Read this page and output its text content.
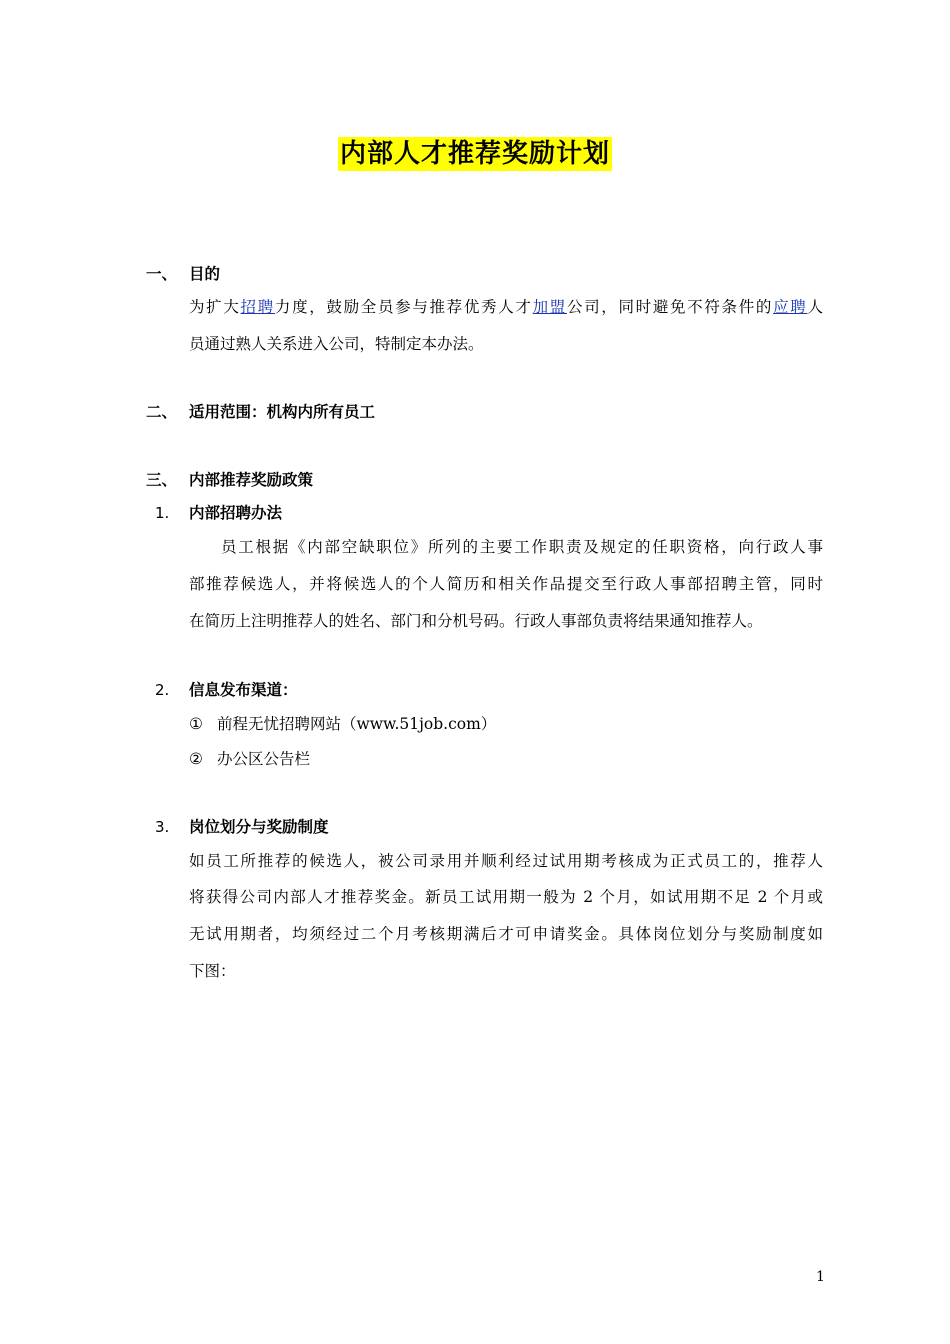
内部人才推荐奖励计划
一、 目的
为扩大招聘力度，鼓励全员参与推荐优秀人才加盟公司，同时避免不符条件的应聘人
员通过熟人关系进入公司，特制定本办法。
二、 适用范围：机构内所有员工
三、 内部推荐奖励政策
1. 内部招聘办法
员工根据《内部空缺职位》所列的主要工作职责及规定的任职资格，向行政人事
部推荐候选人，并将候选人的个人简历和相关作品提交至行政人事部招聘主管，同时
在简历上注明推荐人的姓名、部门和分机号码。行政人事部负责将结果通知推荐人。
2. 信息发布渠道：
① 前程无忧招聘网站（www.51job.com）
② 办公区公告栏
3. 岗位划分与奖励制度
如员工所推荐的候选人，被公司录用并顺利经过试用期考核成为正式员工的，推荐人
将获得公司内部人才推荐奖金。新员工试用期一般为 2 个月，如试用期不足 2 个月或
无试用期者，均须经过二个月考核期满后才可申请奖金。具体岗位划分与奖励制度如
下图：
1
